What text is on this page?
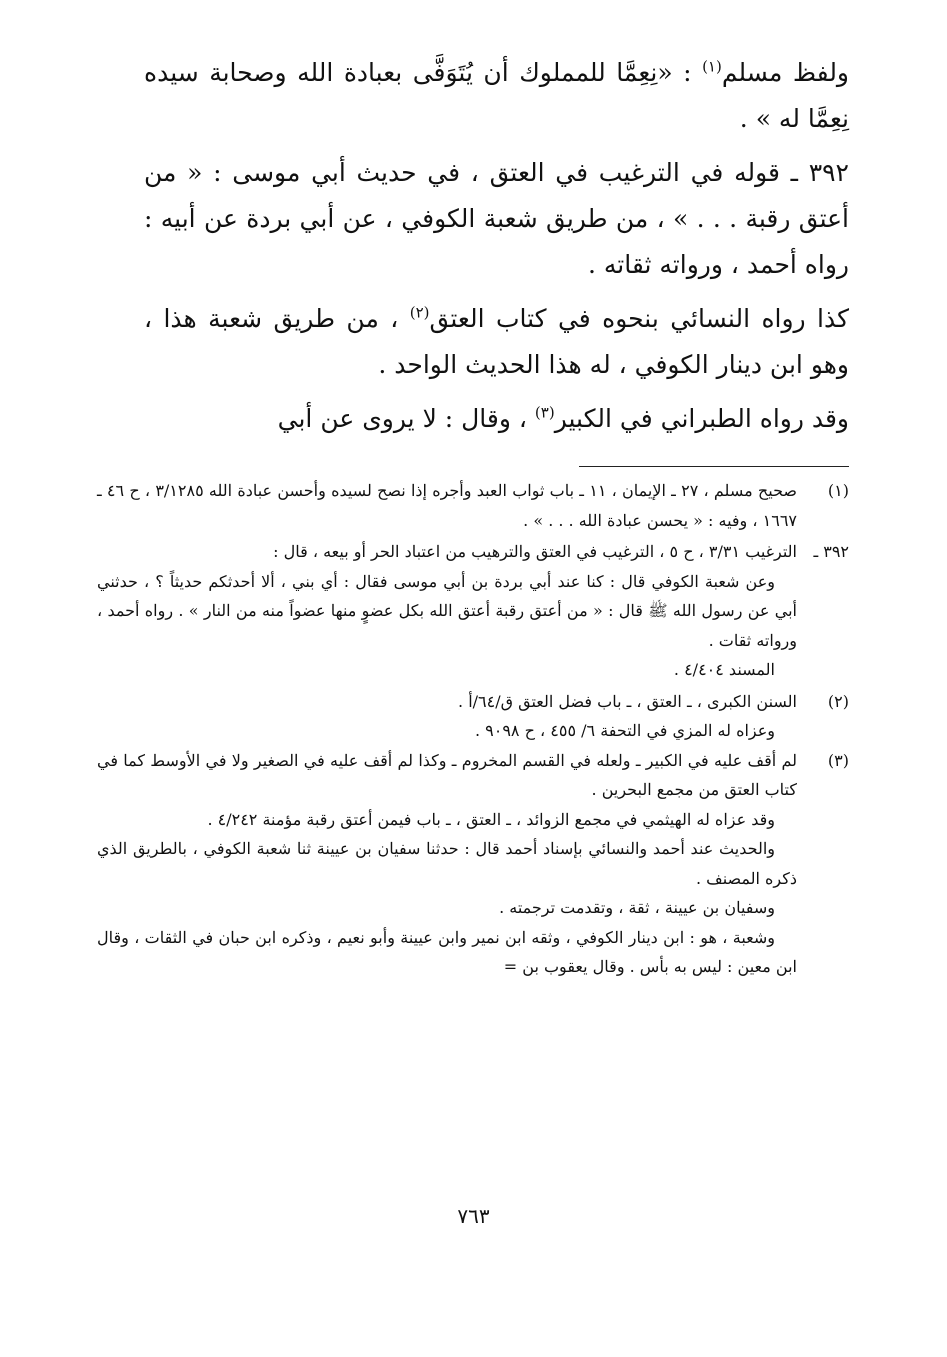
ولفظ مسلم$^{(١)}$ : «نِعِمَّا للمملوك أن يُتَوَفَّى بعبادة الله وصحابة سيده نِعِمَّا له » .

٣٩٢ ـ قوله في الترغيب في العتق ، في حديث أبي موسى : « من أعتق رقبة . . . » ، من طريق شعبة الكوفي ، عن أبي بردة عن أبيه : رواه أحمد ، ورواته ثقاته .

كذا رواه النسائي بنحوه في كتاب العتق$^{(٢)}$ ، من طريق شعبة هذا ، وهو ابن دينار الكوفي ، له هذا الحديث الواحد .

وقد رواه الطبراني في الكبير$^{(٣)}$ ، وقال : لا يروى عن أبي

(١)

صحيح مسلم ، ٢٧ ـ الإيمان ، ١١ ـ باب ثواب العبد وأجره إذا نصح لسيده وأحسن عبادة الله ٣/١٢٨٥ ، ح ٤٦ ـ ١٦٦٧ ، وفيه : « يحسن عبادة الله . . . » .

٣٩٢ ـ

الترغيب ٣/٣١ ، ح ٥ ، الترغيب في العتق والترهيب من اعتباد الحر أو بيعه ، قال :

وعن شعبة الكوفي قال : كنا عند أبي بردة بن أبي موسى فقال : أي بني ، ألا أحدثكم حديثاً ؟ ، حدثني أبي عن رسول الله ﷺ قال : « من أعتق رقبة أعتق الله بكل عضوٍ منها عضواً منه من النار » . رواه أحمد ، ورواته ثقات .

المسند ٤/٤٠٤ .

(٢)

السنن الكبرى ، ـ العتق ، ـ باب فضل العتق ق/٦٤/أ .

وعزاه له المزي في التحفة ٦/ ٤٥٥ ، ح ٩٠٩٨ .

(٣)

لم أقف عليه في الكبير ـ ولعله في القسم المخروم ـ وكذا لم أقف عليه في الصغير ولا في الأوسط كما في كتاب العتق من مجمع البحرين .

وقد عزاه له الهيثمي في مجمع الزوائد ، ـ العتق ، ـ باب فيمن أعتق رقبة مؤمنة ٤/٢٤٢ .

والحديث عند أحمد والنسائي بإسناد أحمد قال : حدثنا سفيان بن عيينة ثنا شعبة الكوفي ، بالطريق الذي ذكره المصنف .

وسفيان بن عيينة ، ثقة ، وتقدمت ترجمته .

وشعبة ، هو : ابن دينار الكوفي ، وثقه ابن نمير وابن عيينة وأبو نعيم ، وذكره ابن حبان في الثقات ، وقال ابن معين : ليس به بأس . وقال يعقوب بن =

٧٦٣
